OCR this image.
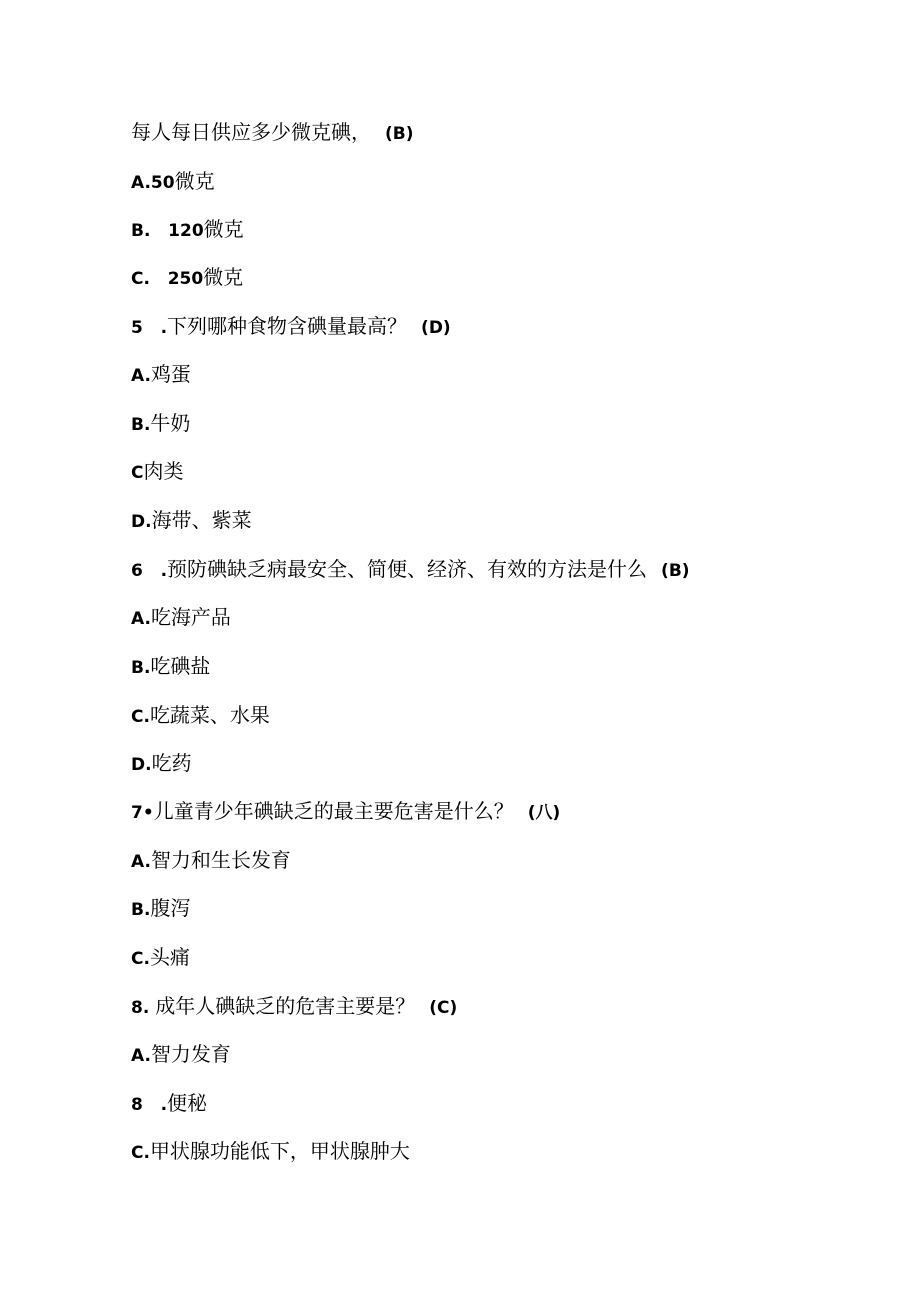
每人每日供应多少微克碘， (B)
A.50微克
B.   120微克
C.   250微克
5   .下列哪种食物含碘量最高？ (D)
A.鸡蛋
B.牛奶
C肉类
D.海带、紫菜
6   .预防碘缺乏病最安全、简便、经济、有效的方法是什么 (B)
A.吃海产品
B.吃碘盐
C.吃蔬菜、水果
D.吃药
7•儿童青少年碘缺乏的最主要危害是什么？ (八)
A.智力和生长发育
B.腹泻
C.头痛
8. 成年人碘缺乏的危害主要是？ (C)
A.智力发育
8   .便秘
C.甲状腺功能低下，甲状腺肿大
